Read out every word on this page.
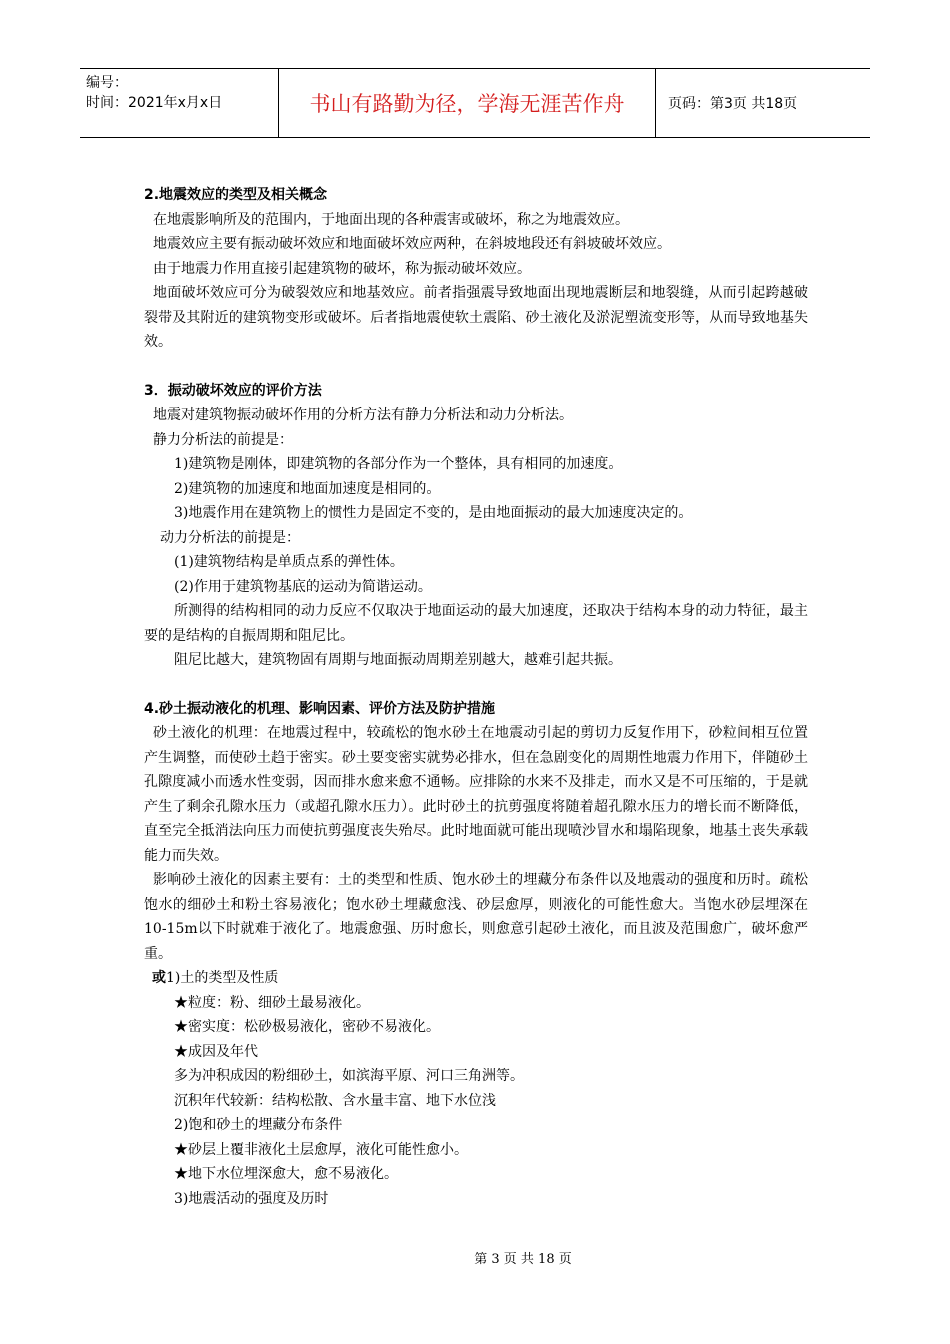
编号：
时间：2021年x月x日	书山有路勤为径，学海无涯苦作舟	页码：第3页 共18页

2.地震效应的类型及相关概念

在地震影响所及的范围内，于地面出现的各种震害或破坏，称之为地震效应。

地震效应主要有振动破坏效应和地面破坏效应两种，在斜坡地段还有斜坡破坏效应。

由于地震力作用直接引起建筑物的破坏，称为振动破坏效应。

地面破坏效应可分为破裂效应和地基效应。前者指强震导致地面出现地震断层和地裂缝，从而引起跨越破裂带及其附近的建筑物变形或破坏。后者指地震使软土震陷、砂土液化及淤泥塑流变形等，从而导致地基失效。

3．振动破坏效应的评价方法

地震对建筑物振动破坏作用的分析方法有静力分析法和动力分析法。

静力分析法的前提是：

1)建筑物是刚体，即建筑物的各部分作为一个整体，具有相同的加速度。

2)建筑物的加速度和地面加速度是相同的。

3)地震作用在建筑物上的惯性力是固定不变的，是由地面振动的最大加速度决定的。

动力分析法的前提是：

(1)建筑物结构是单质点系的弹性体。

(2)作用于建筑物基底的运动为简谐运动。

所测得的结构相同的动力反应不仅取决于地面运动的最大加速度，还取决于结构本身的动力特征，最主要的是结构的自振周期和阻尼比。

阻尼比越大，建筑物固有周期与地面振动周期差别越大，越难引起共振。

4.砂土振动液化的机理、影响因素、评价方法及防护措施

砂土液化的机理：在地震过程中，较疏松的饱水砂土在地震动引起的剪切力反复作用下，砂粒间相互位置产生调整，而使砂土趋于密实。砂土要变密实就势必排水，但在急剧变化的周期性地震力作用下，伴随砂土孔隙度减小而透水性变弱，因而排水愈来愈不通畅。应排除的水来不及排走，而水又是不可压缩的，于是就产生了剩余孔隙水压力（或超孔隙水压力）。此时砂土的抗剪强度将随着超孔隙水压力的增长而不断降低，直至完全抵消法向压力而使抗剪强度丧失殆尽。此时地面就可能出现喷沙冒水和塌陷现象，地基土丧失承载能力而失效。

影响砂土液化的因素主要有：土的类型和性质、饱水砂土的埋藏分布条件以及地震动的强度和历时。疏松饱水的细砂土和粉土容易液化；饱水砂土埋藏愈浅、砂层愈厚，则液化的可能性愈大。当饱水砂层埋深在10-15m以下时就难于液化了。地震愈强、历时愈长，则愈意引起砂土液化，而且波及范围愈广，破坏愈严重。

或1)土的类型及性质

★粒度：粉、细砂土最易液化。

★密实度：松砂极易液化，密砂不易液化。

★成因及年代

多为冲积成因的粉细砂土，如滨海平原、河口三角洲等。

沉积年代较新：结构松散、含水量丰富、地下水位浅

2)饱和砂土的埋藏分布条件

★砂层上覆非液化土层愈厚，液化可能性愈小。

★地下水位埋深愈大，愈不易液化。

3)地震活动的强度及历时

第 3 页 共 18 页
